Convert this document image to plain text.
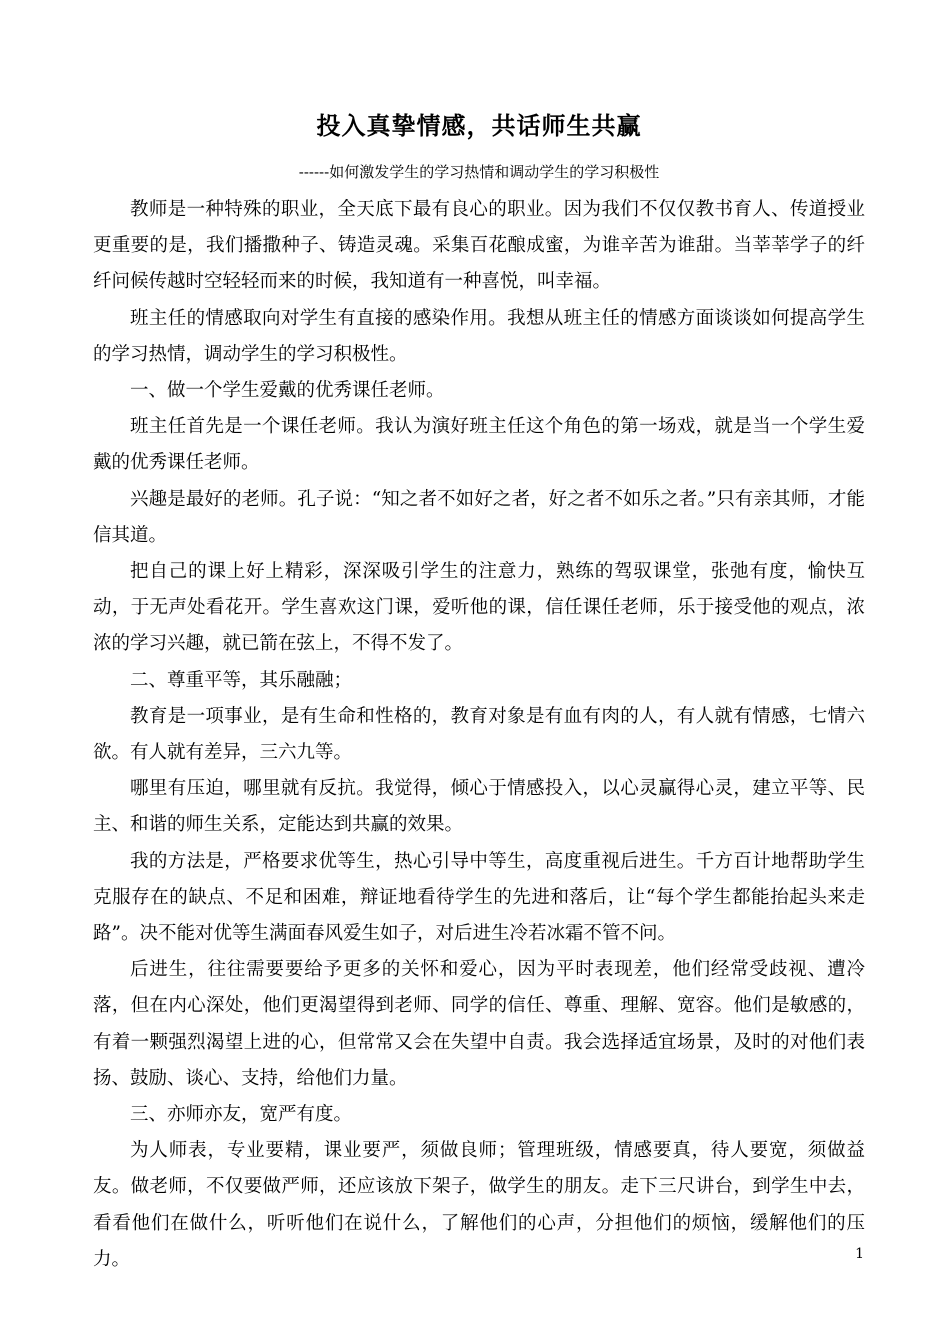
投入真挚情感，共话师生共赢
------如何激发学生的学习热情和调动学生的学习积极性

教师是一种特殊的职业，全天底下最有良心的职业。因为我们不仅仅教书育人、传道授业更重要的是，我们播撒种子、铸造灵魂。采集百花酿成蜜，为谁辛苦为谁甜。当莘莘学子的纤纤问候传越时空轻轻而来的时候，我知道有一种喜悦，叫幸福。

班主任的情感取向对学生有直接的感染作用。我想从班主任的情感方面谈谈如何提高学生的学习热情，调动学生的学习积极性。

一、做一个学生爱戴的优秀课任老师。

班主任首先是一个课任老师。我认为演好班主任这个角色的第一场戏，就是当一个学生爱戴的优秀课任老师。

兴趣是最好的老师。孔子说：“知之者不如好之者，好之者不如乐之者。”只有亲其师，才能信其道。

把自己的课上好上精彩，深深吸引学生的注意力，熟练的驾驭课堂，张弛有度，愉快互动，于无声处看花开。学生喜欢这门课，爱听他的课，信任课任老师，乐于接受他的观点，浓浓的学习兴趣，就已箭在弦上，不得不发了。

二、尊重平等，其乐融融；

教育是一项事业，是有生命和性格的，教育对象是有血有肉的人，有人就有情感，七情六欲。有人就有差异，三六九等。

哪里有压迫，哪里就有反抗。我觉得，倾心于情感投入，以心灵赢得心灵，建立平等、民主、和谐的师生关系，定能达到共赢的效果。

我的方法是，严格要求优等生，热心引导中等生，高度重视后进生。千方百计地帮助学生克服存在的缺点、不足和困难，辩证地看待学生的先进和落后，让“每个学生都能抬起头来走路”。决不能对优等生满面春风爱生如子，对后进生冷若冰霜不管不问。

后进生，往往需要要给予更多的关怀和爱心，因为平时表现差，他们经常受歧视、遭冷落，但在内心深处，他们更渴望得到老师、同学的信任、尊重、理解、宽容。他们是敏感的，有着一颗强烈渴望上进的心，但常常又会在失望中自责。我会选择适宜场景，及时的对他们表扬、鼓励、谈心、支持，给他们力量。

三、亦师亦友，宽严有度。

为人师表，专业要精，课业要严，须做良师；管理班级，情感要真，待人要宽，须做益友。做老师，不仅要做严师，还应该放下架子，做学生的朋友。走下三尺讲台，到学生中去，看看他们在做什么，听听他们在说什么，了解他们的心声，分担他们的烦恼，缓解他们的压力。	1
